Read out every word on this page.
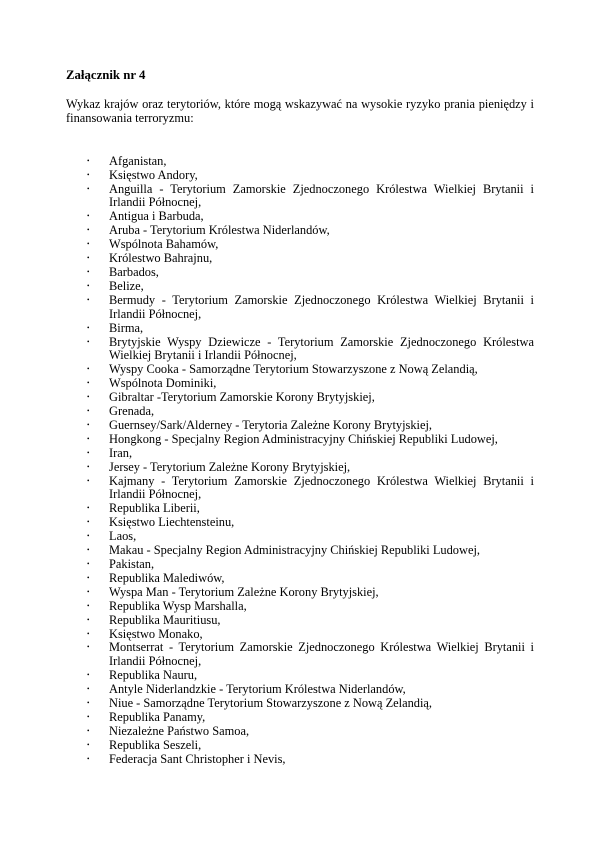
Załącznik nr 4

Wykaz krajów oraz terytoriów, które mogą wskazywać na wysokie ryzyko prania pieniędzy i finansowania terroryzmu:

• Afganistan,
• Księstwo Andory,
• Anguilla - Terytorium Zamorskie Zjednoczonego Królestwa Wielkiej Brytanii i Irlandii Północnej,
• Antigua i Barbuda,
• Aruba - Terytorium Królestwa Niderlandów,
• Wspólnota Bahamów,
• Królestwo Bahrajnu,
• Barbados,
• Belize,
• Bermudy - Terytorium Zamorskie Zjednoczonego Królestwa Wielkiej Brytanii i Irlandii Północnej,
• Birma,
• Brytyjskie Wyspy Dziewicze - Terytorium Zamorskie Zjednoczonego Królestwa Wielkiej Brytanii i Irlandii Północnej,
• Wyspy Cooka - Samorządne Terytorium Stowarzyszone z Nową Zelandią,
• Wspólnota Dominiki,
• Gibraltar -Terytorium Zamorskie Korony Brytyjskiej,
• Grenada,
• Guernsey/Sark/Alderney - Terytoria Zależne Korony Brytyjskiej,
• Hongkong - Specjalny Region Administracyjny Chińskiej Republiki Ludowej,
• Iran,
• Jersey - Terytorium Zależne Korony Brytyjskiej,
• Kajmany - Terytorium Zamorskie Zjednoczonego Królestwa Wielkiej Brytanii i Irlandii Północnej,
• Republika Liberii,
• Księstwo Liechtensteinu,
• Laos,
• Makau - Specjalny Region Administracyjny Chińskiej Republiki Ludowej,
• Pakistan,
• Republika Malediwów,
• Wyspa Man - Terytorium Zależne Korony Brytyjskiej,
• Republika Wysp Marshalla,
• Republika Mauritiusu,
• Księstwo Monako,
• Montserrat - Terytorium Zamorskie Zjednoczonego Królestwa Wielkiej Brytanii i Irlandii Północnej,
• Republika Nauru,
• Antyle Niderlandzkie - Terytorium Królestwa Niderlandów,
• Niue - Samorządne Terytorium Stowarzyszone z Nową Zelandią,
• Republika Panamy,
• Niezależne Państwo Samoa,
• Republika Seszeli,
• Federacja Sant Christopher i Nevis,
